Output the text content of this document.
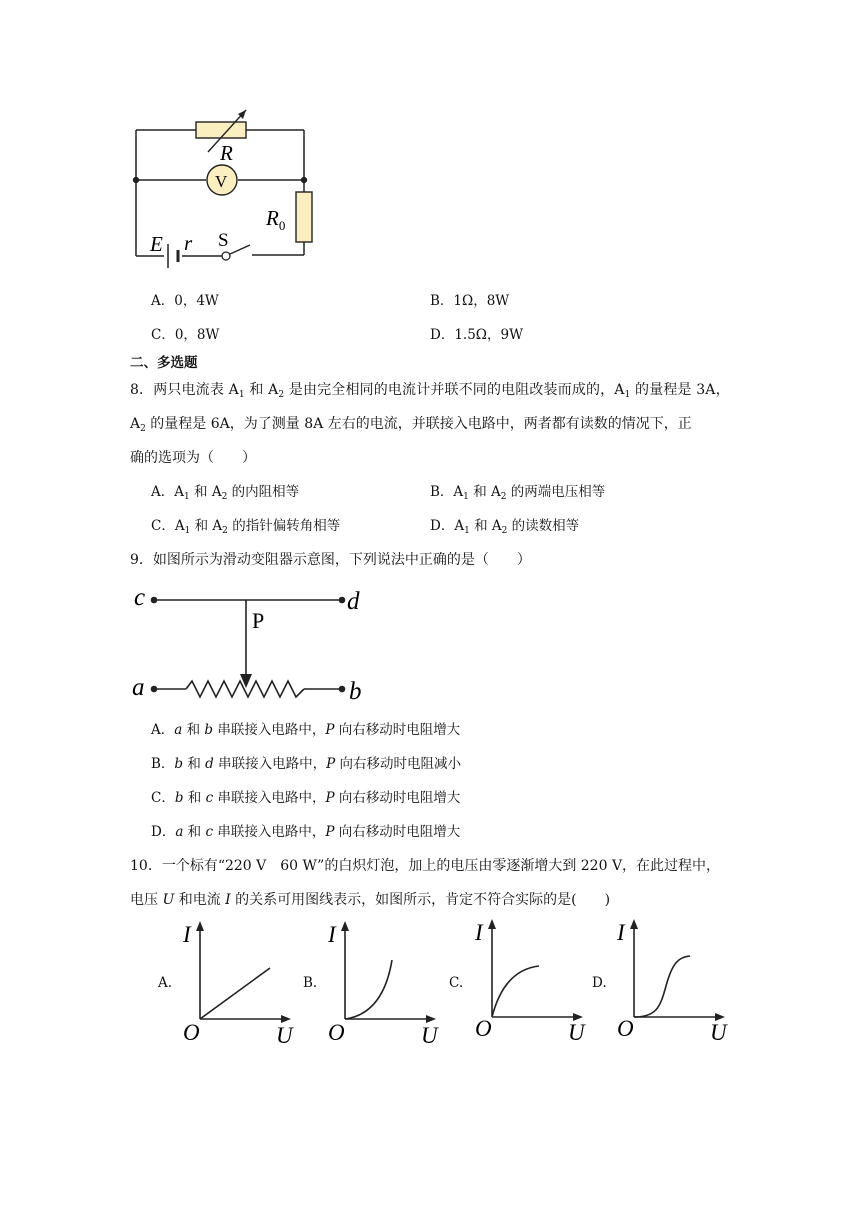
R
V
$R_0$
E r S
A．0，4W	B．1Ω，8W
C．0，8W	D．1.5Ω，9W
二、多选题
8．两只电流表 $A_1$ 和 $A_2$ 是由完全相同的电流计并联不同的电阻改装而成的，$A_1$ 的量程是 3A，
$A_2$ 的量程是 6A，为了测量 8A 左右的电流，并联接入电路中，两者都有读数的情况下，正
确的选项为（　　）
A．$A_1$ 和 $A_2$ 的内阻相等	B．$A_1$ 和 $A_2$ 的两端电压相等
C．$A_1$ 和 $A_2$ 的指针偏转角相等	D．$A_1$ 和 $A_2$ 的读数相等
9．如图所示为滑动变阻器示意图，下列说法中正确的是（　　）
c	d
P
a	b
A．a 和 b 串联接入电路中，P 向右移动时电阻增大
B．b 和 d 串联接入电路中，P 向右移动时电阻减小
C．b 和 c 串联接入电路中，P 向右移动时电阻增大
D．a 和 c 串联接入电路中，P 向右移动时电阻增大
10．一个标有“220 V　60 W”的白炽灯泡，加上的电压由零逐渐增大到 220 V，在此过程中，
电压 U 和电流 I 的关系可用图线表示，如图所示，肯定不符合实际的是(　　)
A.	B.	C.	D.
I
O	U
I
O	U
I
O	U
I
O	U
